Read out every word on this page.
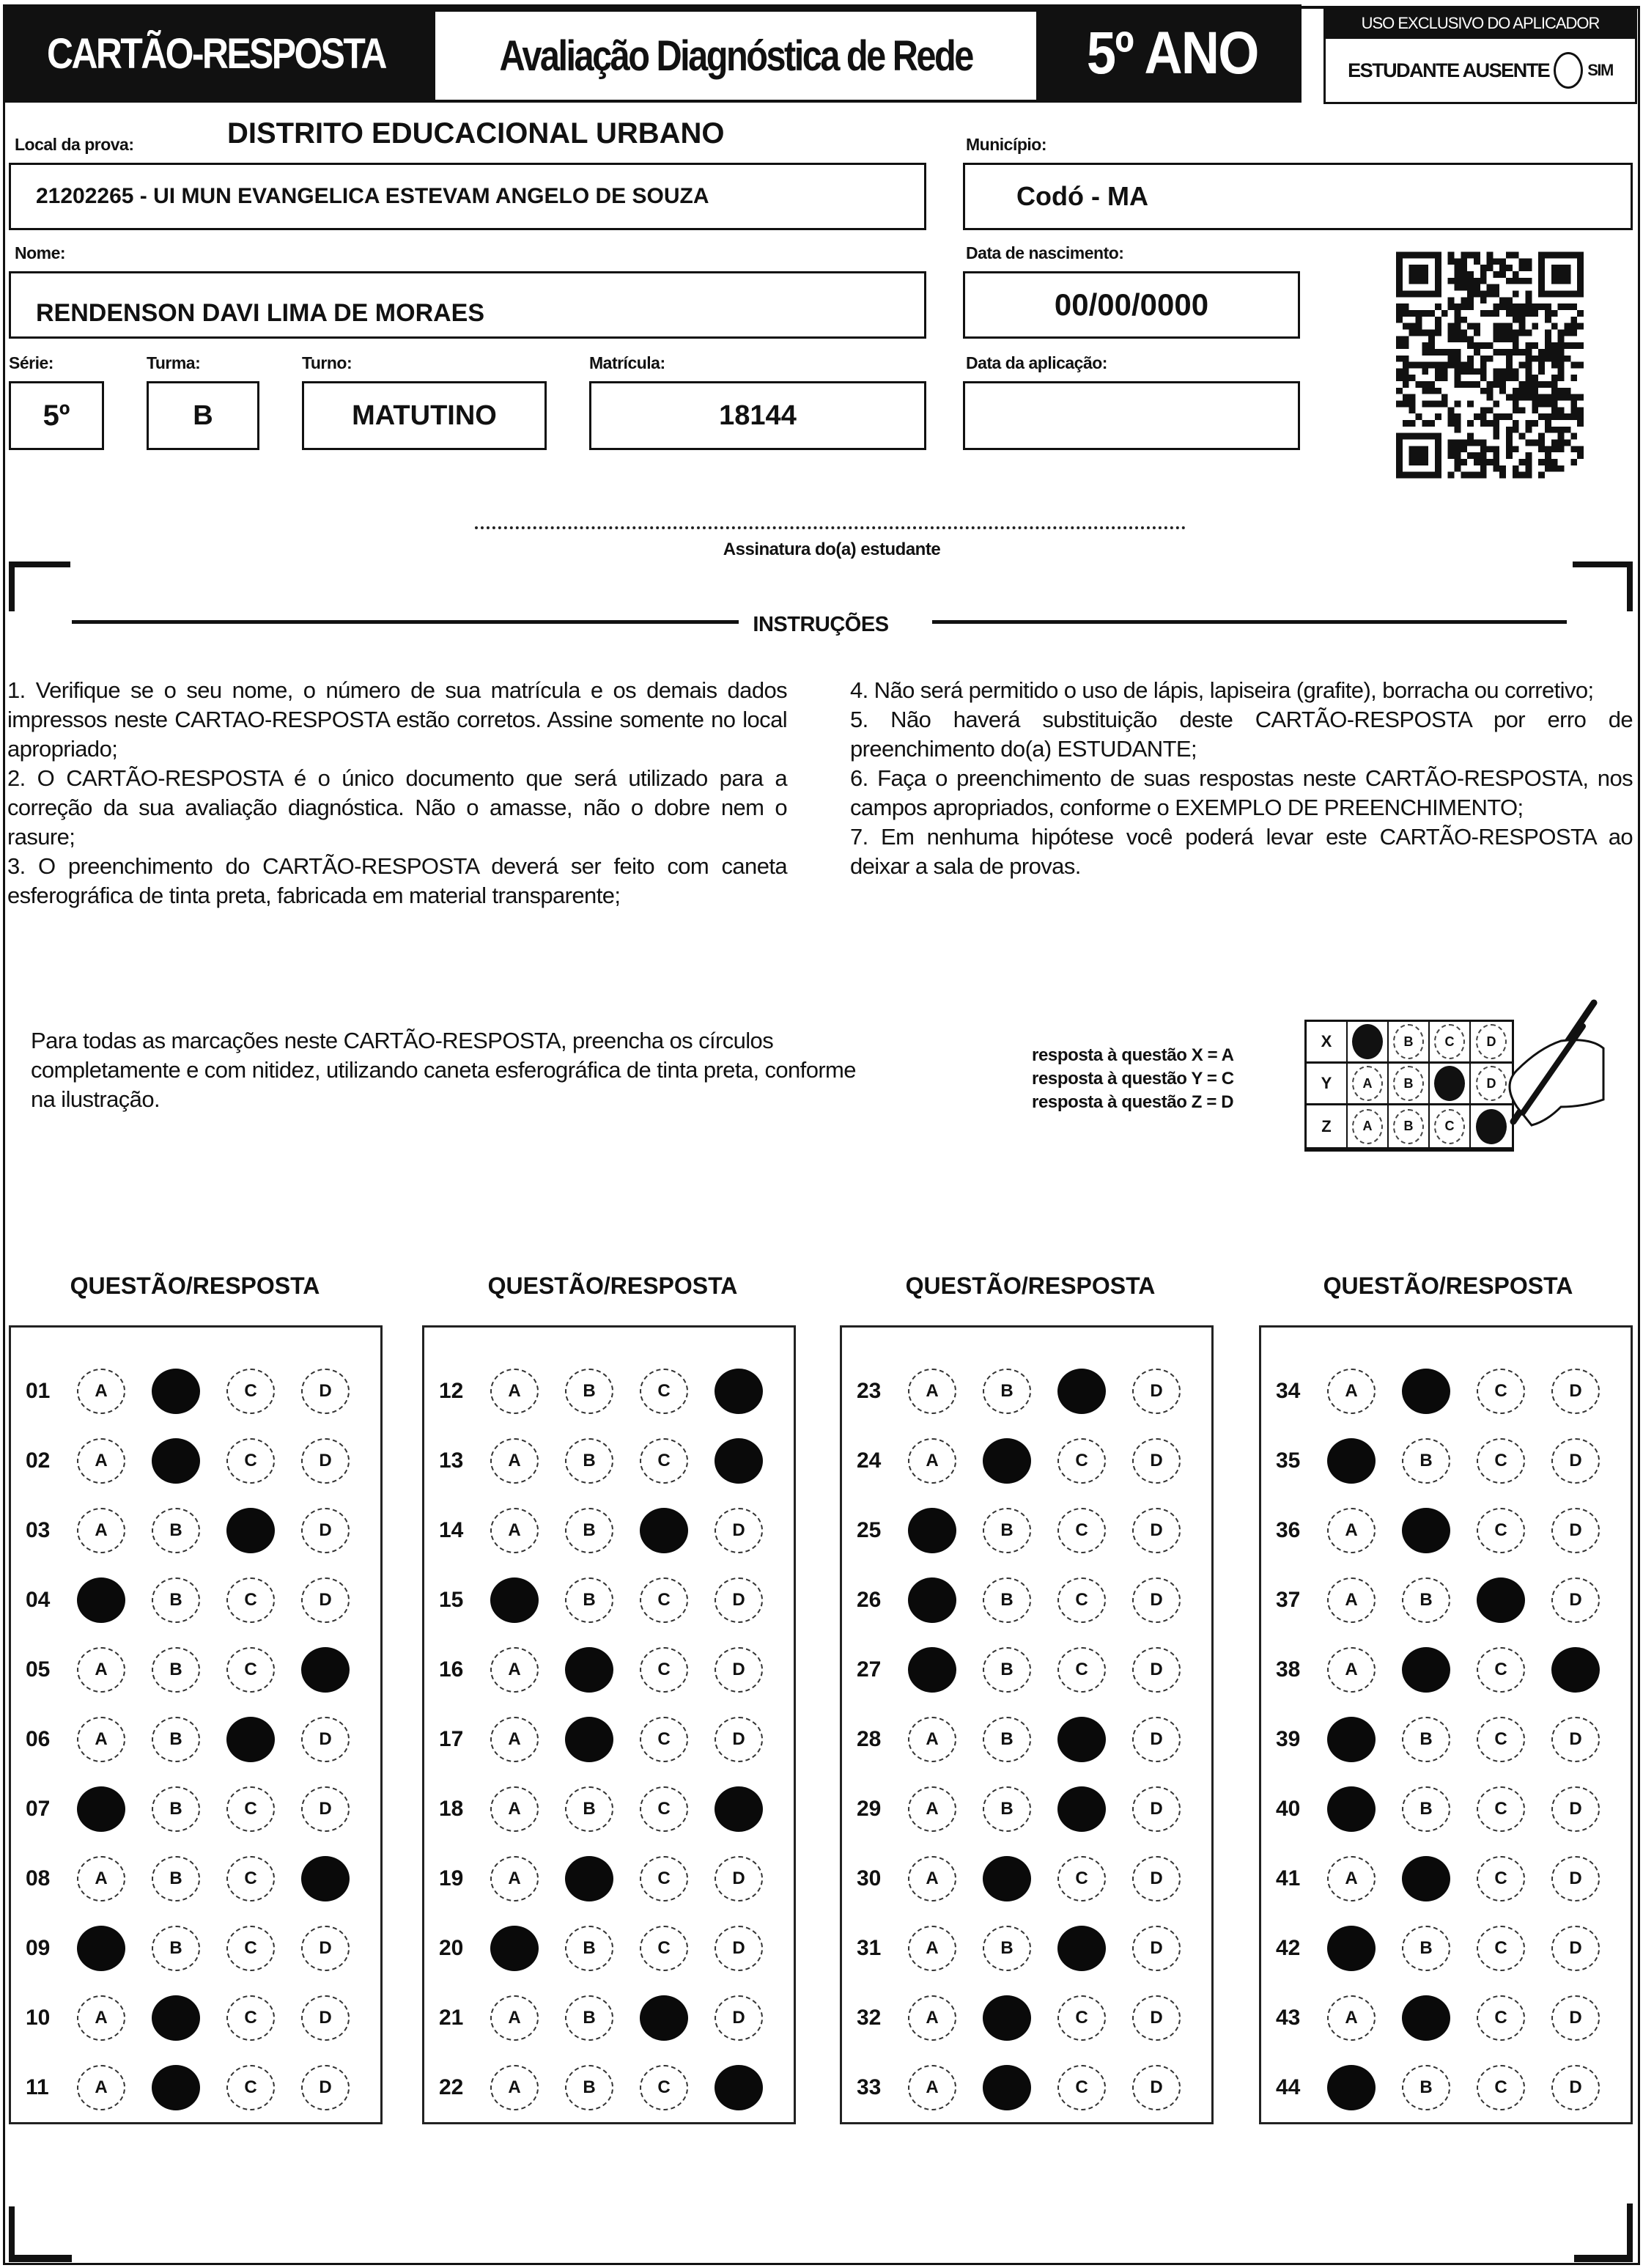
CARTÃO-RESPOSTA	Avaliação Diagnóstica de Rede 5º ANO	USO EXCLUSIVO DO APLICADOR
ESTUDANTE AUSENTE SIM
DISTRITO EDUCACIONAL URBANO
Local da prova:
21202265 - UI MUN EVANGELICA ESTEVAM ANGELO DE SOUZA
Município:
Codó - MA
Nome:
RENDENSON DAVI LIMA DE MORAES
Data de nascimento:
00/00/0000
Série:
5º
Turma:
B
Turno:
MATUTINO
Matrícula:
18144
Data da aplicação:
Assinatura do(a) estudante
INSTRUÇÕES

1. Verifique se o seu nome, o número de sua matrícula e os demais dados impressos neste CARTAO-RESPOSTA estão corretos. Assine somente no local apropriado;

2. O CARTÃO-RESPOSTA é o único documento que será utilizado para a correção da sua avaliação diagnóstica. Não o amasse, não o dobre nem o rasure;

3. O preenchimento do CARTÃO-RESPOSTA deverá ser feito com caneta esferográfica de tinta preta, fabricada em material transparente;

4. Não será permitido o uso de lápis, lapiseira (grafite), borracha ou corretivo;

5. Não haverá substituição deste CARTÃO-RESPOSTA por erro de preenchimento do(a) ESTUDANTE;

6. Faça o preenchimento de suas respostas neste CARTÃO-RESPOSTA, nos campos apropriados, conforme o EXEMPLO DE PREENCHIMENTO;

7. Em nenhuma hipótese você poderá levar este CARTÃO-RESPOSTA ao deixar a sala de provas.

Para todas as marcações neste CARTÃO-RESPOSTA, preencha os círculos completamente e com nitidez, utilizando caneta esferográfica de tinta preta, conforme na ilustração.
resposta à questão X = A
resposta à questão Y = C
resposta à questão Z = D
X	B	C	D
Y	A	B	D
Z	A	B	C
QUESTÃO/RESPOSTA	QUESTÃO/RESPOSTA	QUESTÃO/RESPOSTA	QUESTÃO/RESPOSTA
01	A	C	D
02	A	C	D
03	A	B	D
04	B	C	D
05	A	B	C
06	A	B	D
07	B	C	D
08	A	B	C
09	B	C	D
10	A	C	D
11	A	C	D
12	A	B	C
13	A	B	C
14	A	B	D
15	B	C	D
16	A	C	D
17	A	C	D
18	A	B	C
19	A	C	D
20	B	C	D
21	A	B	D
22	A	B	C
23	A	B	D
24	A	C	D
25	B	C	D
26	B	C	D
27	B	C	D
28	A	B	D
29	A	B	D
30	A	C	D
31	A	B	D
32	A	C	D
33	A	C	D
34	A	C	D
35	B	C	D
36	A	C	D
37	A	B	D
38	A	C
39	B	C	D
40	B	C	D
41	A	C	D
42	B	C	D
43	A	C	D
44	B	C	D
